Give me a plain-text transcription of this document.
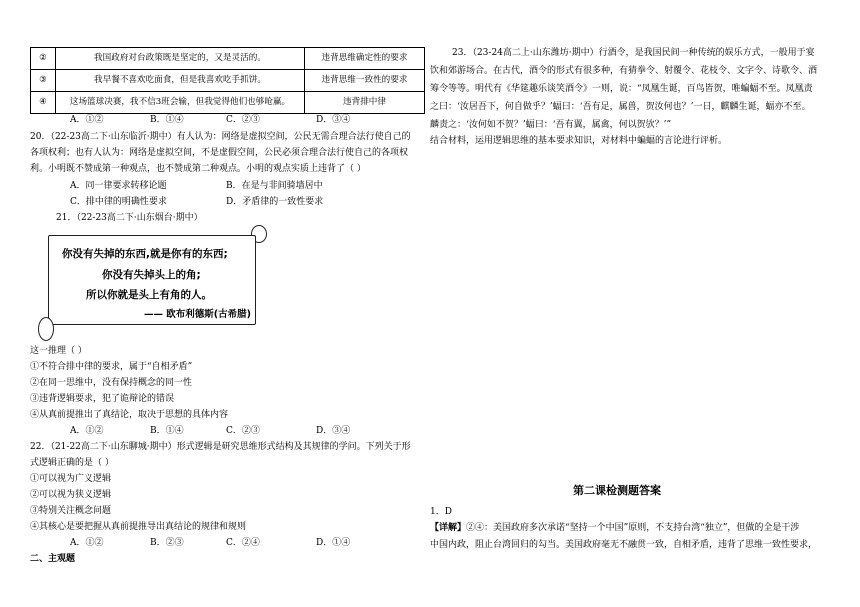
②	我国政府对台政策既是坚定的，又是灵活的。	违背思维确定性的要求
③	我早餐不喜欢吃面食，但是我喜欢吃手抓饼。	违背思维一致性的要求
④	这场篮球决赛，我不信3班会输，但我觉得他们也够呛赢。	违背排中律
A．①②	B．①④	C．②③	D．③④
20．（22-23高二下·山东临沂·期中）有人认为：网络是虚拟空间，公民无需合理合法行使自己的
各项权利；也有人认为：网络是虚拟空间，不是虚假空间，公民必须合理合法行使自己的各项权
利。小明既不赞成第一种观点，也不赞成第二种观点。小明的观点实质上违背了（ ）
A．同一律要求转移论题	B．在是与非间骑墙居中
C．排中律的明确性要求	D．矛盾律的一致性要求
21．（22-23高二下·山东烟台·期中）
你没有失掉的东西,就是你有的东西;
你没有失掉头上的角;
所以你就是头上有角的人。
—— 欧布利德斯(古希腊)
这一推理（ ）
①不符合排中律的要求，属于“自相矛盾”
②在同一思维中，没有保持概念的同一性
③违背逻辑要求，犯了诡辩论的错误
④从真前提推出了真结论，取决于思想的具体内容
A．①②	B．①④	C．②③	D．③④
22．（21-22高二下·山东聊城·期中）形式逻辑是研究思维形式结构及其规律的学问。下列关于形
式逻辑正确的是（ ）
①可以视为广义逻辑
②可以视为狭义逻辑
③特别关注概念问题
④其核心是要把握从真前提推导出真结论的规律和规则
A．①②	B．②③	C．②④	D．①④
二、主观题
23．（23-24高二上·山东潍坊·期中）行酒令，是我国民间一种传统的娱乐方式，一般用于宴
饮和郊游场合。在古代，酒令的形式有很多种，有猜拳令、射覆令、花枝令、文字令、诗歌令、酒
筹令等等。明代有《华筵趣乐谈笑酒令》一则，说：“凤凰生诞，百鸟皆贺，唯蝙蝠不至。凤凰责
之曰：‘汝居吾下，何自做乎？’蝠曰：‘吾有足，属兽，贺汝何也？’一日，麒麟生诞，蝠亦不至。
麟责之：‘汝何如不贺？’蝠曰：‘吾有翼，属禽，何以贺欤？’”
结合材料，运用逻辑思维的基本要求知识，对材料中蝙蝠的言论进行评析。
1．D
【详解】②④：美国政府多次承诺“坚持一个中国”原则，不支持台湾“独立”，但做的全是干涉
中国内政，阻止台湾回归的勾当。美国政府毫无不融贯一致，自相矛盾，违背了思维一致性要求，
第二课检测题答案
